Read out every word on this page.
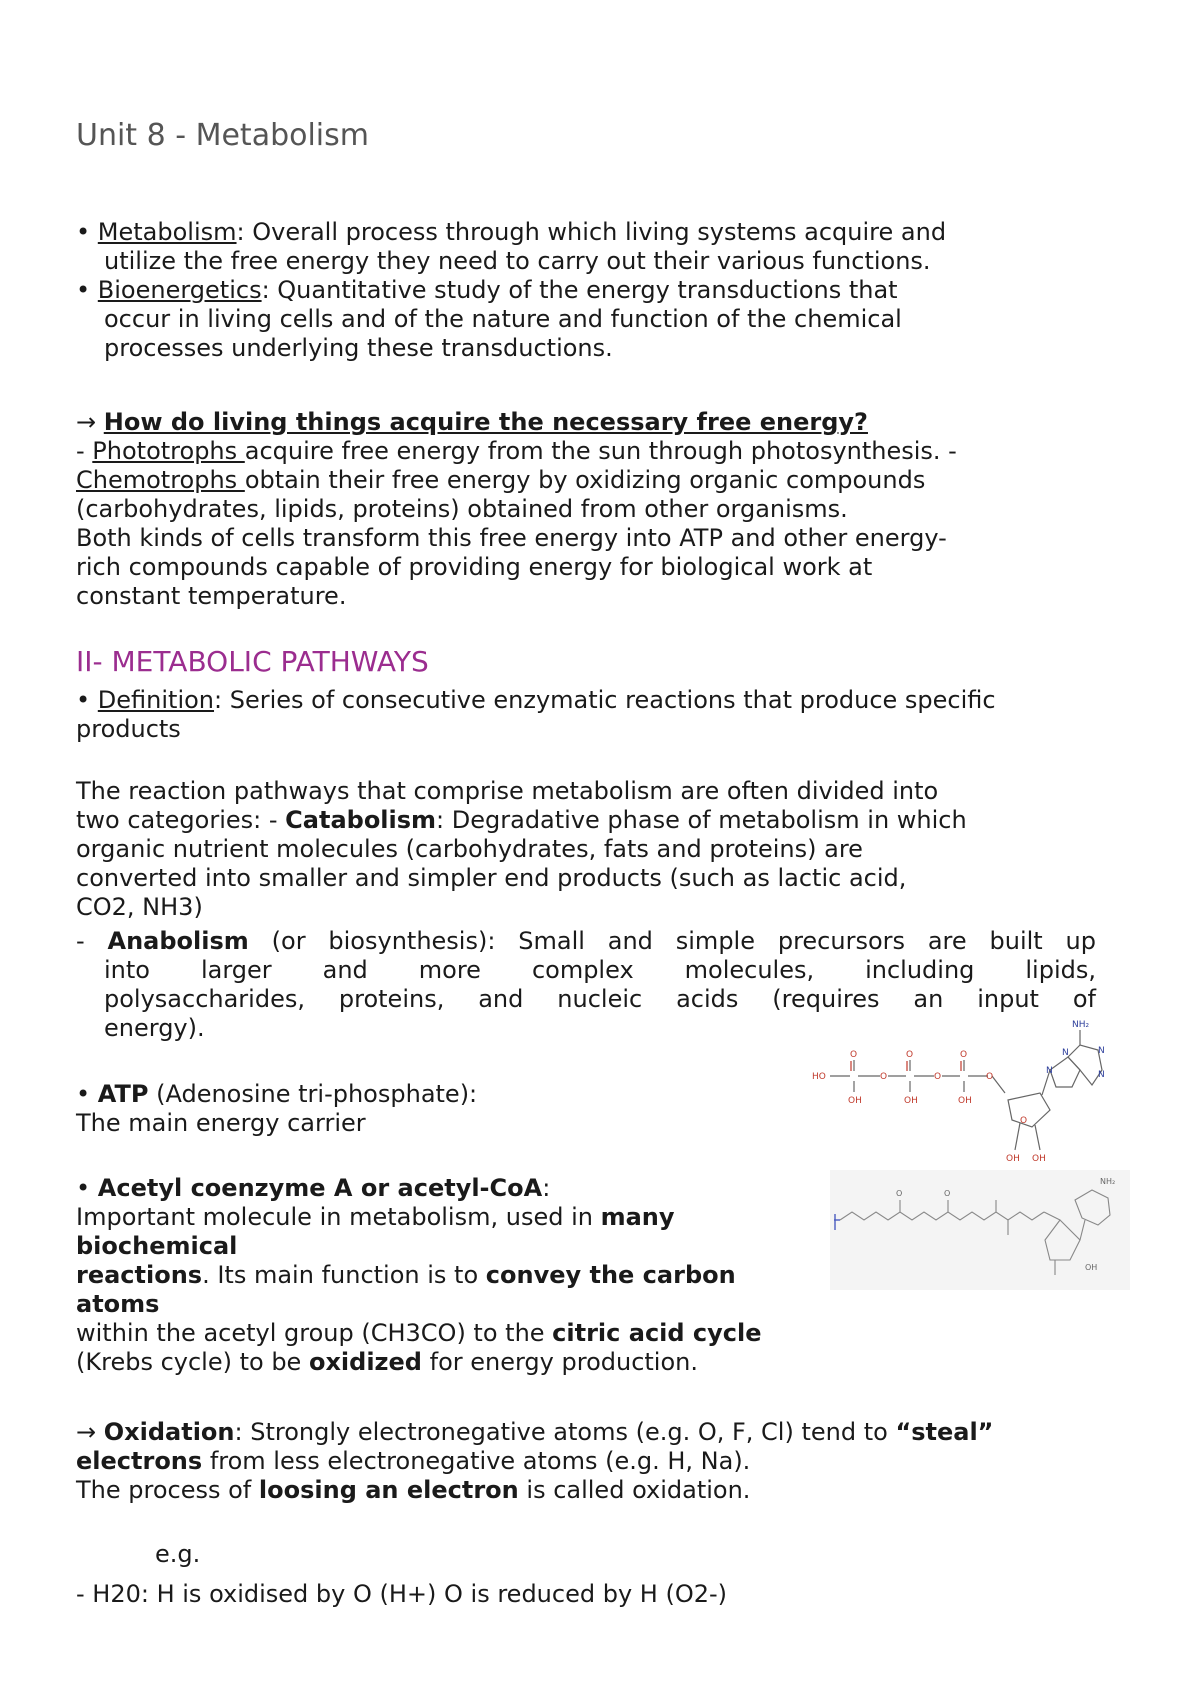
Unit 8 - Metabolism
• Metabolism: Overall process through which living systems acquire and
utilize the free energy they need to carry out their various functions.
• Bioenergetics: Quantitative study of the energy transductions that
occur in living cells and of the nature and function of the chemical
processes underlying these transductions.
→ How do living things acquire the necessary free energy?
- Phototrophs acquire free energy from the sun through photosynthesis. -
Chemotrophs obtain their free energy by oxidizing organic compounds
(carbohydrates, lipids, proteins) obtained from other organisms.
Both kinds of cells transform this free energy into ATP and other energy-
rich compounds capable of providing energy for biological work at
constant temperature.
II- METABOLIC PATHWAYS
• Definition: Series of consecutive enzymatic reactions that produce specific
products
The reaction pathways that comprise metabolism are often divided into
two categories: - Catabolism: Degradative phase of metabolism in which
organic nutrient molecules (carbohydrates, fats and proteins) are
converted into smaller and simpler end products (such as lactic acid,
CO2, NH3)
- Anabolism (or biosynthesis): Small and simple precursors are built up
into larger and more complex molecules, including lipids,
polysaccharides, proteins, and nucleic acids (requires an input of
energy).
• ATP (Adenosine tri-phosphate):
The main energy carrier
HO
O	O	O
OH	OH	OH
O	O	O
O
OH OH
NH₂
N
N
N
N
• Acetyl coenzyme A or acetyl-CoA:
Important molecule in metabolism, used in many
biochemical
reactions. Its main function is to convey the carbon
atoms
within the acetyl group (CH3CO) to the citric acid cycle
(Krebs cycle) to be oxidized for energy production.
NH₂
O	O
OH
→ Oxidation: Strongly electronegative atoms (e.g. O, F, Cl) tend to “steal”
electrons from less electronegative atoms (e.g. H, Na).
The process of loosing an electron is called oxidation.
e.g.
- H20: H is oxidised by O (H+) O is reduced by H (O2-)
